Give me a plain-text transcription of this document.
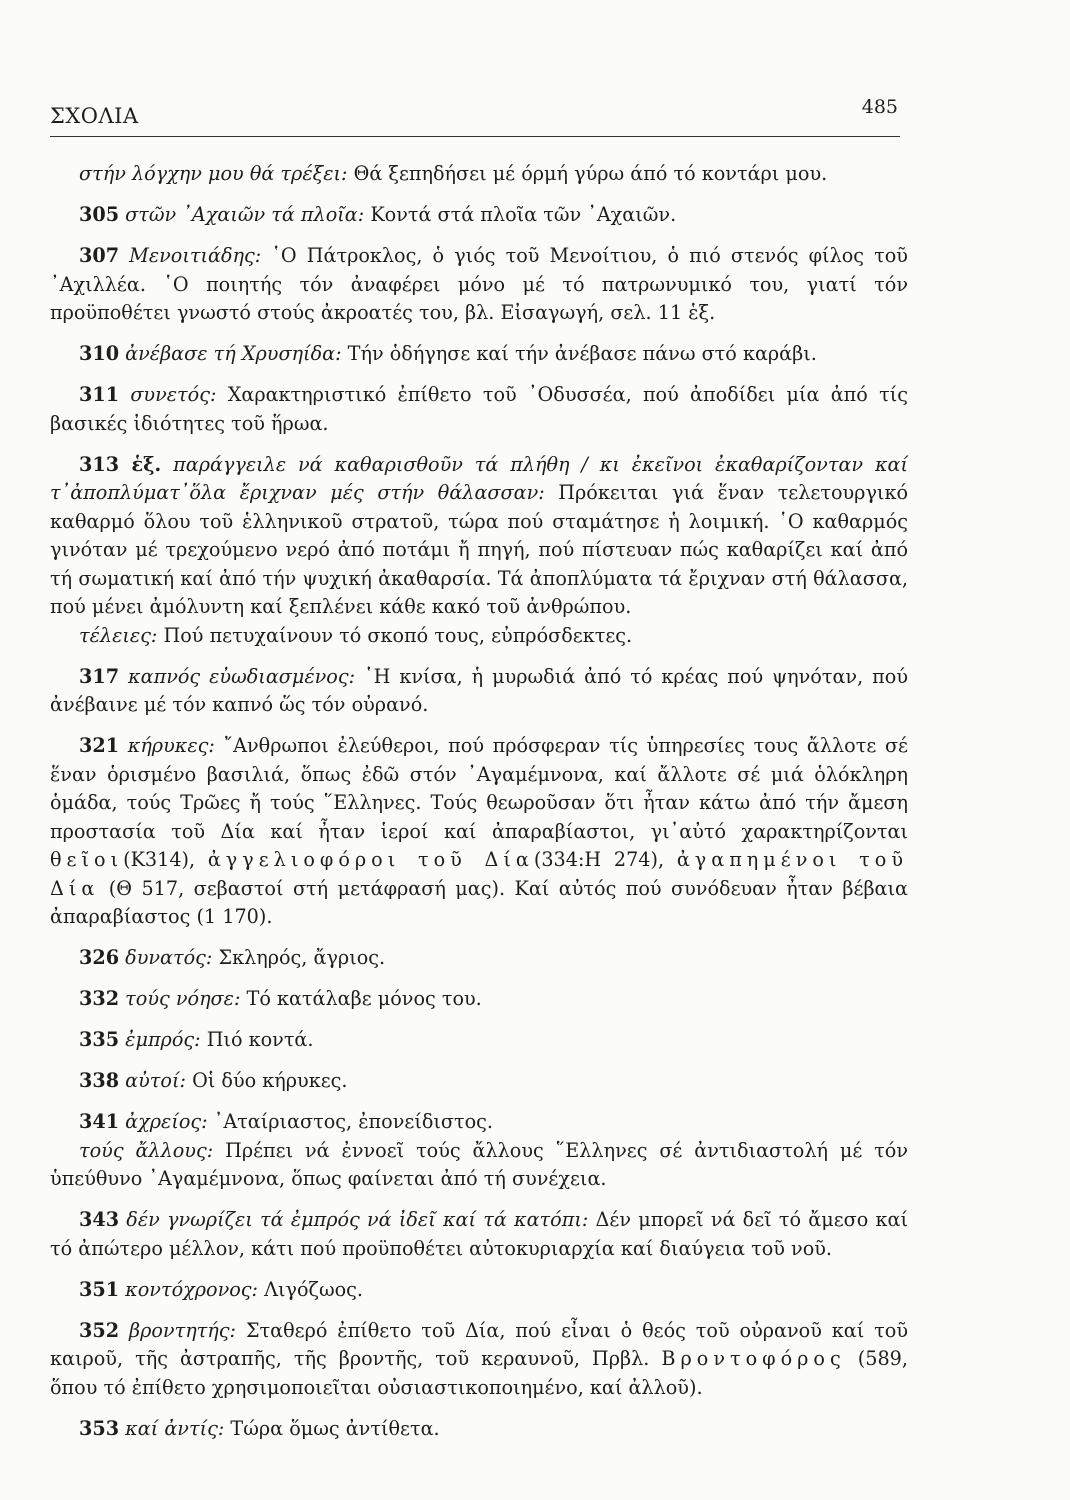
ΣΧΟΛΙΑ	485

στήν λόγχην μου θά τρέξει: Θά ξεπηδήσει μέ όρμή γύρω άπό τό κοντάρι μου.

305 στῶν ᾿Αχαιῶν τά πλοῖα: Κοντά στά πλοῖα τῶν ᾿Αχαιῶν.

307 Μενοιτιάδης: ῾Ο Πάτροκλος, ὁ γιός τοῦ Μενοίτιου, ὁ πιό στενός φίλος τοῦ ᾿Αχιλλέα. ῾Ο ποιητής τόν ἀναφέρει μόνο μέ τό πατρωνυμικό του, γιατί τόν προϋποθέτει γνωστό στούς ἀκροατές του, βλ. Εἰσαγωγή, σελ. 11 ἑξ.

310 ἀνέβασε τή Χρυσηίδα: Τήν ὁδήγησε καί τήν ἀνέβασε πάνω στό καράβι.

311 συνετός: Χαρακτηριστικό ἐπίθετο τοῦ ᾿Οδυσσέα, πού ἀποδίδει μία ἀπό τίς βασικές ἰδιότητες τοῦ ἥρωα.

313 ἑξ. παράγγειλε νά καθαρισθοῦν τά πλήθη / κι ἐκεῖνοι ἐκαθαρίζονταν καί τ᾿ἀποπλύματ᾿ὅλα ἔριχναν μές στήν θάλασσαν: Πρόκειται γιά ἕναν τελετουργικό καθαρμό ὅλου τοῦ ἑλληνικοῦ στρατοῦ, τώρα πού σταμάτησε ἡ λοιμική. ῾Ο καθαρμός γινόταν μέ τρεχούμενο νερό ἀπό ποτάμι ἤ πηγή, πού πίστευαν πώς καθαρίζει καί ἀπό τή σωματική καί ἀπό τήν ψυχική ἀκαθαρσία. Τά ἀποπλύματα τά ἔριχναν στή θάλασσα, πού μένει ἀμόλυντη καί ξεπλένει κάθε κακό τοῦ ἀνθρώπου.

τέλειες: Πού πετυχαίνουν τό σκοπό τους, εὐπρόσδεκτες.

317 καπνός εὐωδιασμένος: ῾Η κνίσα, ἡ μυρωδιά ἀπό τό κρέας πού ψηνόταν, πού ἀνέβαινε μέ τόν καπνό ὥς τόν οὐρανό.

321 κήρυκες: ῎Ανθρωποι ἐλεύθεροι, πού πρόσφεραν τίς ὑπηρεσίες τους ἄλλοτε σέ ἕναν ὁρισμένο βασιλιά, ὅπως ἐδῶ στόν ᾿Αγαμέμνονα, καί ἄλλοτε σέ μιά ὁλόκληρη ὁμάδα, τούς Τρῶες ἤ τούς ῞Ελληνες. Τούς θεωροῦσαν ὅτι ἦταν κάτω ἀπό τήν ἄμεση προστασία τοῦ Δία καί ἦταν ἱεροί καί ἀπαραβίαστοι, γι᾿αὐτό χαρακτηρίζονται θεῖοι(Κ314), ἀγγελιοφόροι τοῦ Δία(334:Η 274), ἀγαπημένοι τοῦ Δία (Θ 517, σεβαστοί στή μετάφρασή μας). Καί αὐτός πού συνόδευαν ἦταν βέβαια ἀπαραβίαστος (1 170).

326 δυνατός: Σκληρός, ἄγριος.

332 τούς νόησε: Τό κατάλαβε μόνος του.

335 ἐμπρός: Πιό κοντά.

338 αὐτοί: Οἱ δύο κήρυκες.

341 ἀχρείος: ᾿Αταίριαστος, ἐπονείδιστος.

τούς ἄλλους: Πρέπει νά ἐννοεῖ τούς ἄλλους ῞Ελληνες σέ ἀντιδιαστολή μέ τόν ὑπεύθυνο ᾿Αγαμέμνονα, ὅπως φαίνεται ἀπό τή συνέχεια.

343 δέν γνωρίζει τά ἐμπρός νά ἰδεῖ καί τά κατόπι: Δέν μπορεῖ νά δεῖ τό ἄμεσο καί τό ἀπώτερο μέλλον, κάτι πού προϋποθέτει αὐτοκυριαρχία καί διαύγεια τοῦ νοῦ.

351 κοντόχρονος: Λιγόζωος.

352 βροντητής: Σταθερό ἐπίθετο τοῦ Δία, πού εἶναι ὁ θεός τοῦ οὐρανοῦ καί τοῦ καιροῦ, τῆς ἀστραπῆς, τῆς βροντῆς, τοῦ κεραυνοῦ, Πρβλ. Βροντοφόρος (589, ὅπου τό ἐπίθετο χρησιμοποιεῖται οὐσιαστικοποιημένο, καί ἀλλοῦ).

353 καί ἀντίς: Τώρα ὅμως ἀντίθετα.
